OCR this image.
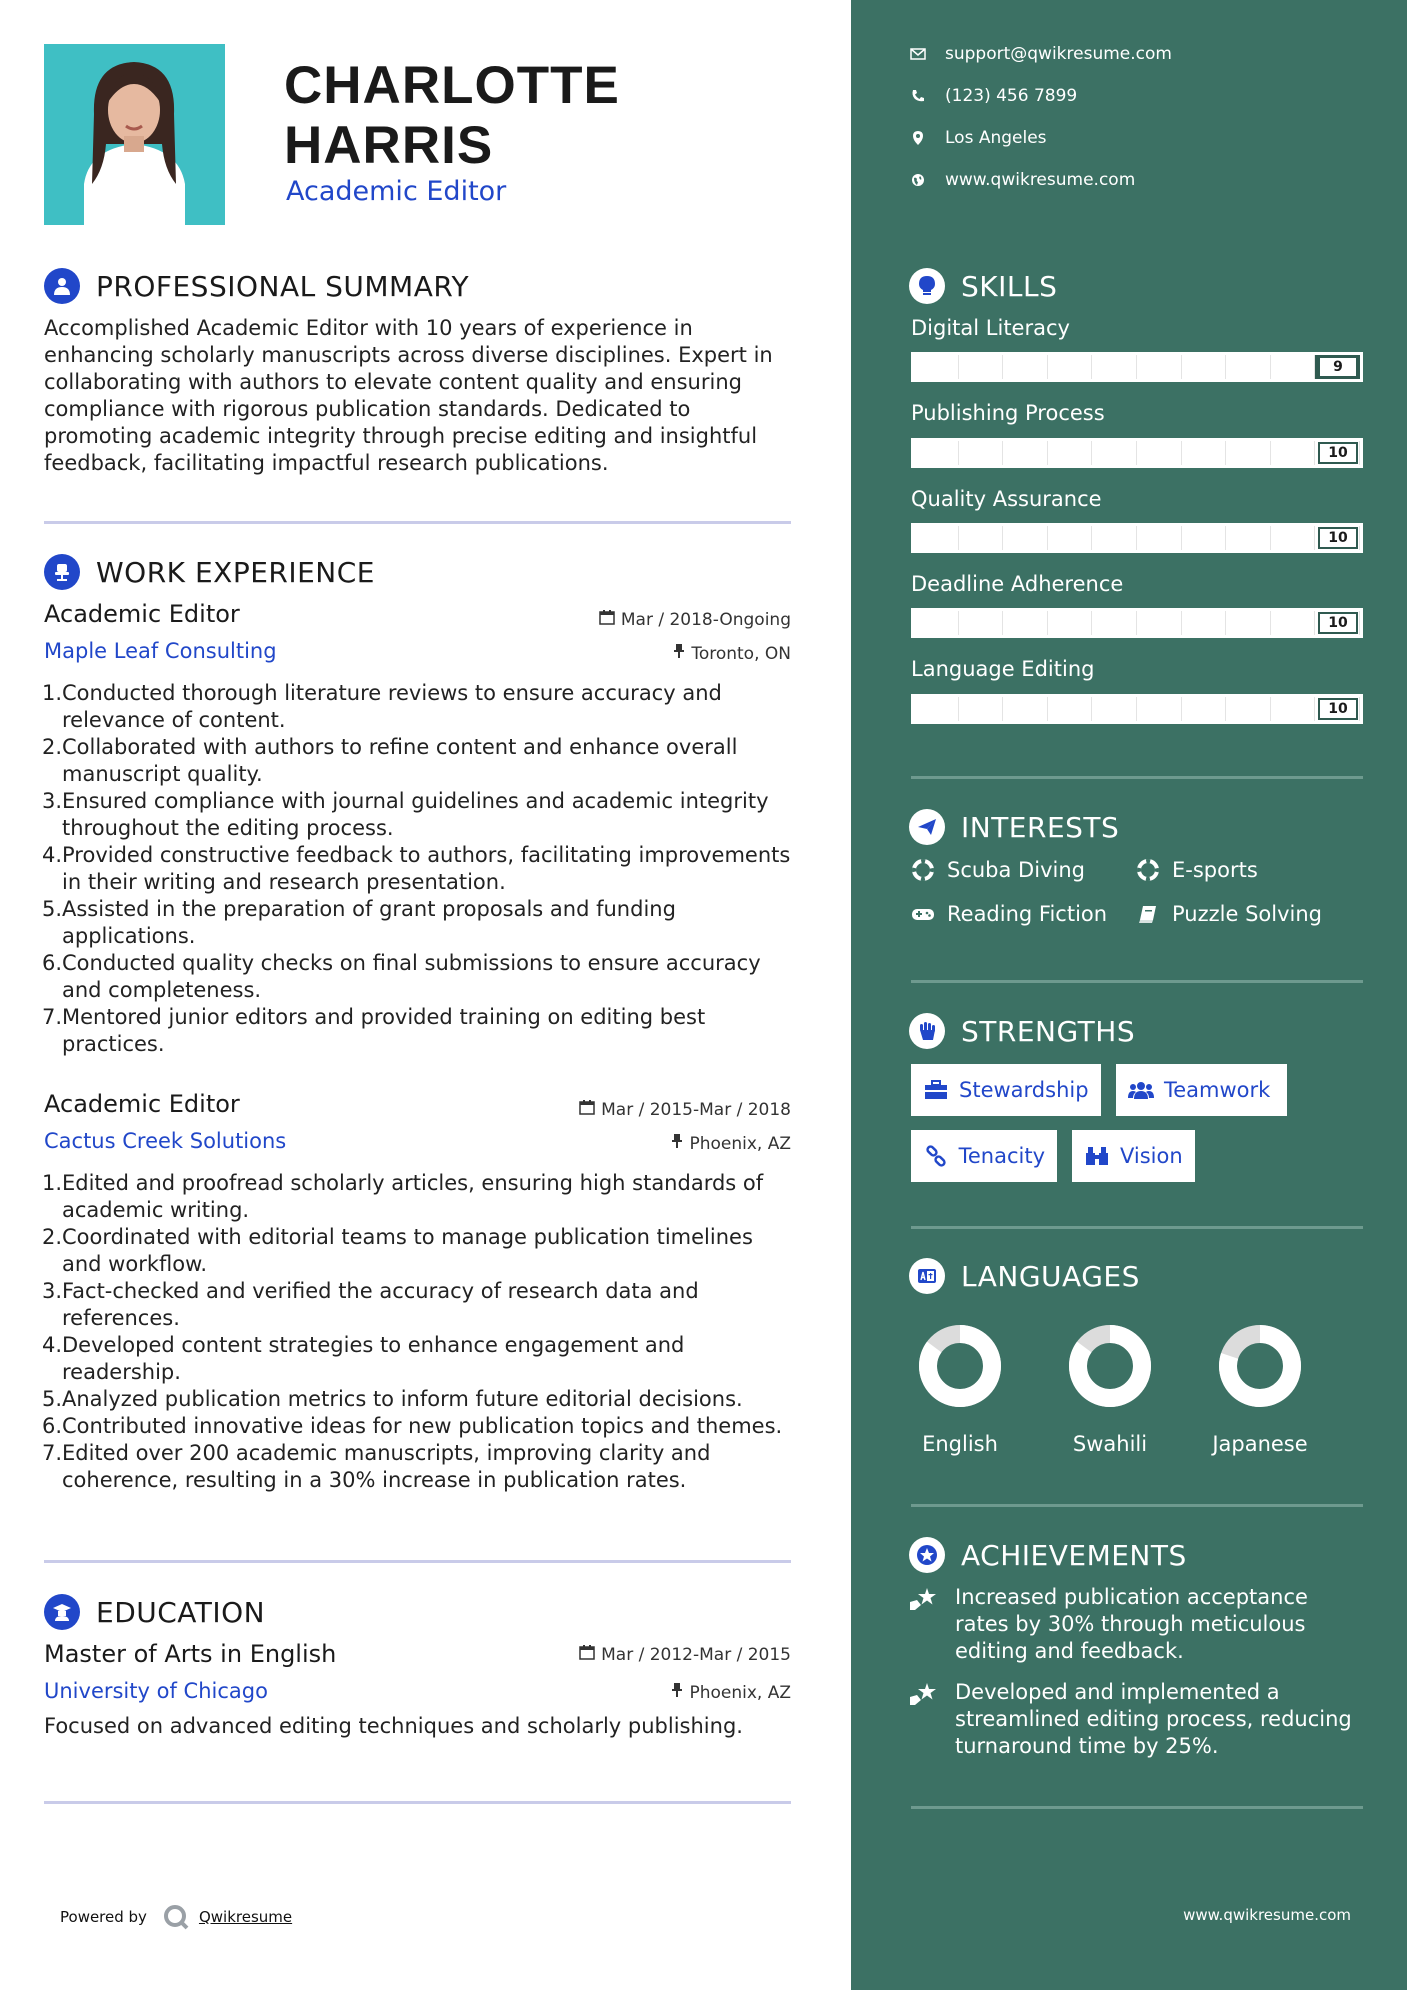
CHARLOTTE
HARRIS
Academic Editor
PROFESSIONAL SUMMARY

Accomplished Academic Editor with 10 years of experience in enhancing scholarly manuscripts across diverse disciplines. Expert in collaborating with authors to elevate content quality and ensuring compliance with rigorous publication standards. Dedicated to promoting academic integrity through precise editing and insightful feedback, facilitating impactful research publications.

WORK EXPERIENCE
Academic Editor	Mar / 2018-Ongoing
Maple Leaf Consulting	Toronto, ON
1. Conducted thorough literature reviews to ensure accuracy and
relevance of content.
2. Collaborated with authors to refine content and enhance overall
manuscript quality.
3. Ensured compliance with journal guidelines and academic integrity
throughout the editing process.
4. Provided constructive feedback to authors, facilitating improvements
in their writing and research presentation.
5. Assisted in the preparation of grant proposals and funding
applications.
6. Conducted quality checks on final submissions to ensure accuracy
and completeness.
7. Mentored junior editors and provided training on editing best
practices.
Academic Editor	Mar / 2015-Mar / 2018
Cactus Creek Solutions	Phoenix, AZ
1. Edited and proofread scholarly articles, ensuring high standards of
academic writing.
2. Coordinated with editorial teams to manage publication timelines
and workflow.
3. Fact-checked and verified the accuracy of research data and
references.
4. Developed content strategies to enhance engagement and
readership.
5. Analyzed publication metrics to inform future editorial decisions.
6. Contributed innovative ideas for new publication topics and themes.
7. Edited over 200 academic manuscripts, improving clarity and
coherence, resulting in a 30% increase in publication rates.
EDUCATION
Master of Arts in English	Mar / 2012-Mar / 2015
University of Chicago	Phoenix, AZ
Focused on advanced editing techniques and scholarly publishing.
Powered by	Qwikresume
support@qwikresume.com
(123) 456 7899
Los Angeles
www.qwikresume.com
SKILLS
Digital Literacy
9
Publishing Process
10
Quality Assurance
10
Deadline Adherence
10
Language Editing
10
INTERESTS
Scuba Diving	E-sports
Reading Fiction	Puzzle Solving
STRENGTHS
Stewardship	Teamwork
Tenacity	Vision
LANGUAGES
English	Swahili	Japanese
ACHIEVEMENTS
Increased publication acceptance
rates by 30% through meticulous
editing and feedback.
Developed and implemented a
streamlined editing process, reducing
turnaround time by 25%.
www.qwikresume.com
